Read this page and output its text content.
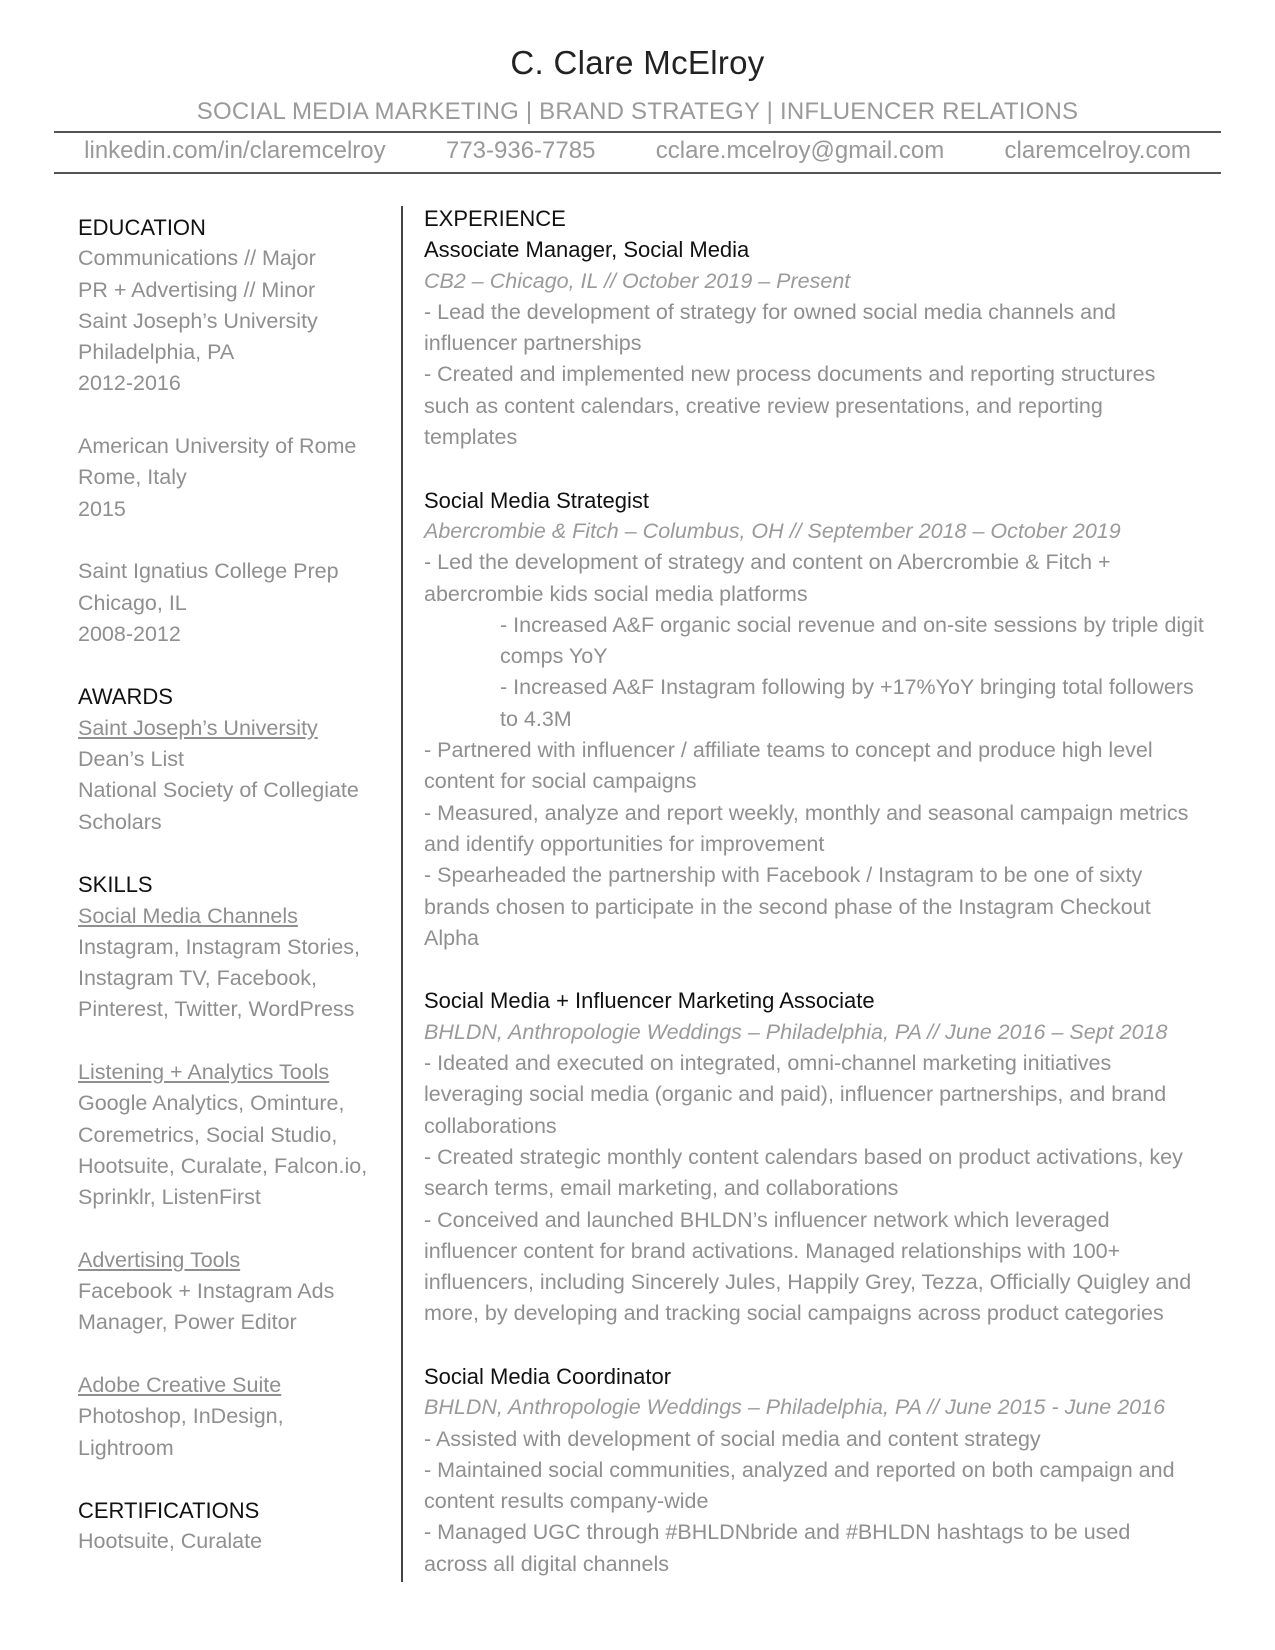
C. Clare McElroy
SOCIAL MEDIA MARKETING | BRAND STRATEGY | INFLUENCER RELATIONS
linkedin.com/in/claremcelroy	773-936-7785	cclare.mcelroy@gmail.com	claremcelroy.com
EDUCATION
Communications // Major
PR + Advertising // Minor
Saint Joseph’s University
Philadelphia, PA
2012-2016
American University of Rome
Rome, Italy
2015
Saint Ignatius College Prep
Chicago, IL
2008-2012
AWARDS
Saint Joseph’s University
Dean’s List
National Society of Collegiate
Scholars
SKILLS
Social Media Channels
Instagram, Instagram Stories,
Instagram TV, Facebook,
Pinterest, Twitter, WordPress
Listening + Analytics Tools
Google Analytics, Ominture,
Coremetrics, Social Studio,
Hootsuite, Curalate, Falcon.io,
Sprinklr, ListenFirst
Advertising Tools
Facebook + Instagram Ads
Manager, Power Editor
Adobe Creative Suite
Photoshop, InDesign,
Lightroom
CERTIFICATIONS
Hootsuite, Curalate
EXPERIENCE
Associate Manager, Social Media
CB2 – Chicago, IL // October 2019 – Present
- Lead the development of strategy for owned social media channels and
influencer partnerships
- Created and implemented new process documents and reporting structures
such as content calendars, creative review presentations, and reporting
templates
Social Media Strategist
Abercrombie & Fitch – Columbus, OH // September 2018 – October 2019
- Led the development of strategy and content on Abercrombie & Fitch +
abercrombie kids social media platforms
- Increased A&F organic social revenue and on-site sessions by triple digit
comps YoY
- Increased A&F Instagram following by +17%YoY bringing total followers
to 4.3M
- Partnered with influencer / affiliate teams to concept and produce high level
content for social campaigns
- Measured, analyze and report weekly, monthly and seasonal campaign metrics
and identify opportunities for improvement
- Spearheaded the partnership with Facebook / Instagram to be one of sixty
brands chosen to participate in the second phase of the Instagram Checkout
Alpha
Social Media + Influencer Marketing Associate
BHLDN, Anthropologie Weddings – Philadelphia, PA // June 2016 – Sept 2018
- Ideated and executed on integrated, omni-channel marketing initiatives
leveraging social media (organic and paid), influencer partnerships, and brand
collaborations
- Created strategic monthly content calendars based on product activations, key
search terms, email marketing, and collaborations
- Conceived and launched BHLDN’s influencer network which leveraged
influencer content for brand activations. Managed relationships with 100+
influencers, including Sincerely Jules, Happily Grey, Tezza, Officially Quigley and
more, by developing and tracking social campaigns across product categories
Social Media Coordinator
BHLDN, Anthropologie Weddings – Philadelphia, PA // June 2015 - June 2016
- Assisted with development of social media and content strategy
- Maintained social communities, analyzed and reported on both campaign and
content results company-wide
- Managed UGC through #BHLDNbride and #BHLDN hashtags to be used
across all digital channels
